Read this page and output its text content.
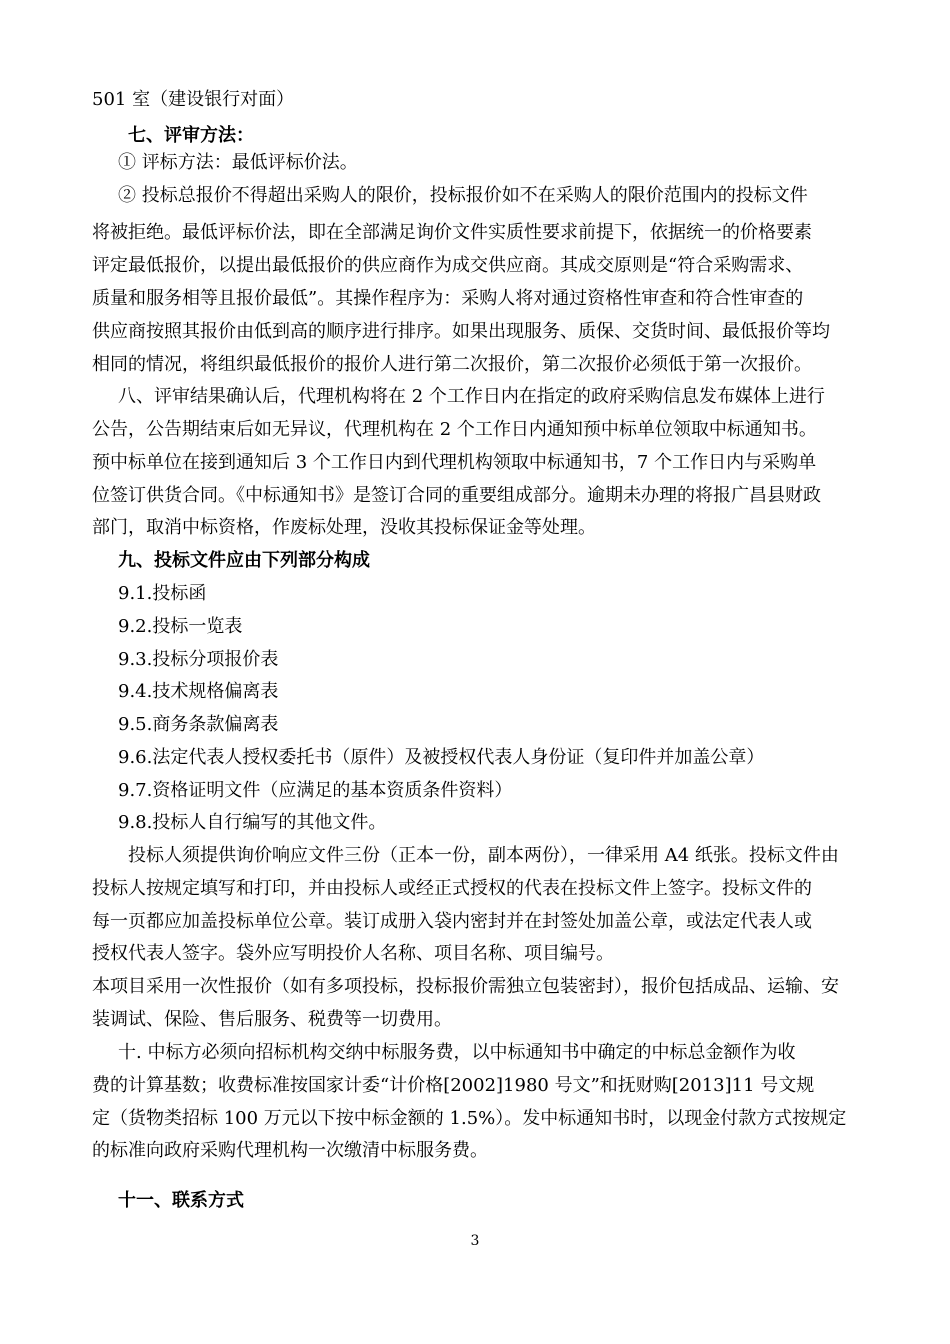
501 室（建设银行对面）
七、评审方法：
① 评标方法：最低评标价法。
② 投标总报价不得超出采购人的限价，投标报价如不在采购人的限价范围内的投标文件
将被拒绝。最低评标价法，即在全部满足询价文件实质性要求前提下，依据统一的价格要素
评定最低报价，以提出最低报价的供应商作为成交供应商。其成交原则是“符合采购需求、
质量和服务相等且报价最低”。其操作程序为：采购人将对通过资格性审查和符合性审查的
供应商按照其报价由低到高的顺序进行排序。如果出现服务、质保、交货时间、最低报价等均
相同的情况，将组织最低报价的报价人进行第二次报价，第二次报价必须低于第一次报价。
八、评审结果确认后，代理机构将在 2 个工作日内在指定的政府采购信息发布媒体上进行
公告，公告期结束后如无异议，代理机构在 2 个工作日内通知预中标单位领取中标通知书。
预中标单位在接到通知后 3 个工作日内到代理机构领取中标通知书，7 个工作日内与采购单
位签订供货合同。《中标通知书》是签订合同的重要组成部分。逾期未办理的将报广昌县财政
部门，取消中标资格，作废标处理，没收其投标保证金等处理。
九、投标文件应由下列部分构成
9.1.投标函
9.2.投标一览表
9.3.投标分项报价表
9.4.技术规格偏离表
9.5.商务条款偏离表
9.6.法定代表人授权委托书（原件）及被授权代表人身份证（复印件并加盖公章）
9.7.资格证明文件（应满足的基本资质条件资料）
9.8.投标人自行编写的其他文件。
投标人须提供询价响应文件三份（正本一份，副本两份），一律采用 A4 纸张。投标文件由
投标人按规定填写和打印，并由投标人或经正式授权的代表在投标文件上签字。投标文件的
每一页都应加盖投标单位公章。装订成册入袋内密封并在封签处加盖公章，或法定代表人或
授权代表人签字。袋外应写明投价人名称、项目名称、项目编号。
本项目采用一次性报价（如有多项投标，投标报价需独立包装密封），报价包括成品、运输、安
装调试、保险、售后服务、税费等一切费用。
十. 中标方必须向招标机构交纳中标服务费，以中标通知书中确定的中标总金额作为收
费的计算基数；收费标准按国家计委“计价格[2002]1980 号文”和抚财购[2013]11 号文规
定（货物类招标 100 万元以下按中标金额的 1.5%）。发中标通知书时，以现金付款方式按规定
的标准向政府采购代理机构一次缴清中标服务费。
十一、联系方式
3
